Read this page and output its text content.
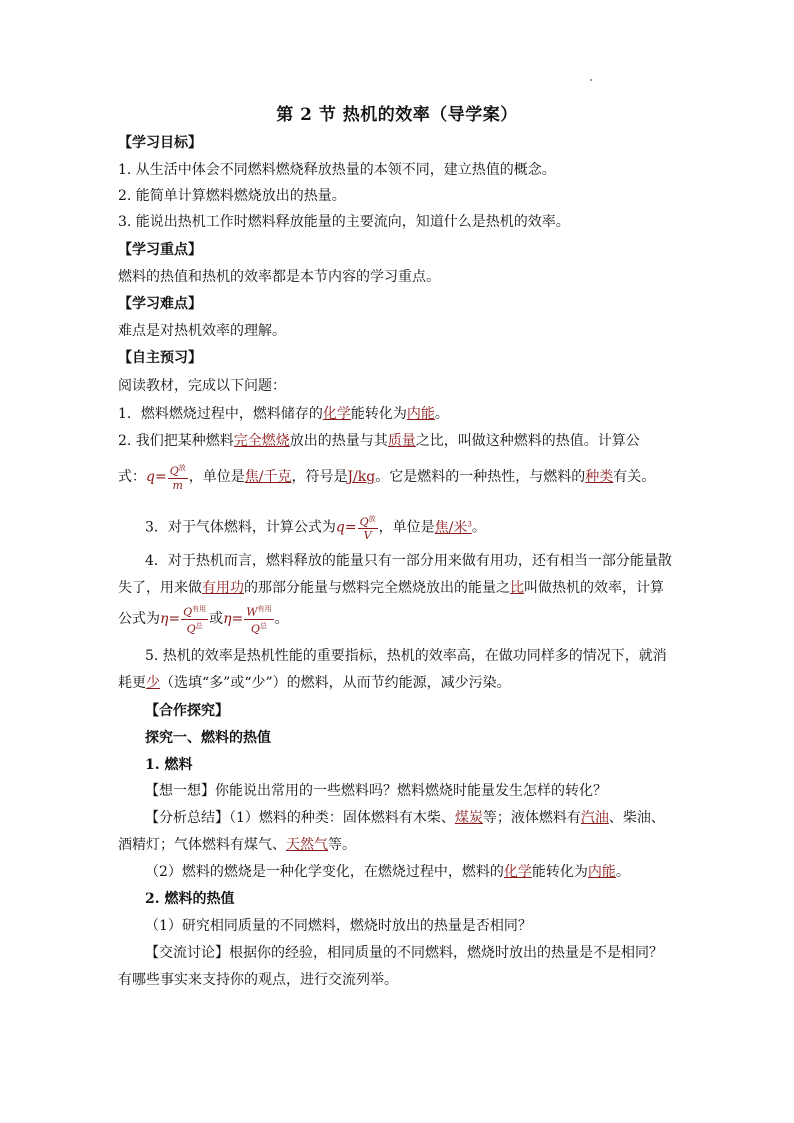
第 2 节 热机的效率（导学案）
【学习目标】
1. 从生活中体会不同燃料燃烧释放热量的本领不同，建立热值的概念。
2. 能简单计算燃料燃烧放出的热量。
3. 能说出热机工作时燃料释放能量的主要流向，知道什么是热机的效率。
【学习重点】
燃料的热值和热机的效率都是本节内容的学习重点。
【学习难点】
难点是对热机效率的理解。
【自主预习】
阅读教材，完成以下问题：
1．燃料燃烧过程中，燃料储存的化学能转化为内能。
2. 我们把某种燃料完全燃烧放出的热量与其质量之比，叫做这种燃料的热值。计算公
式：$q= \frac{Q^放}{m}$ ，单位是焦/千克，符号是J/kg。它是燃料的一种热性，与燃料的种类有关。
3．对于气体燃料，计算公式为$q= \frac{Q^放}{V}$ ，单位是焦/米$^3$。
4．对于热机而言，燃料释放的能量只有一部分用来做有用功，还有相当一部分能量散
失了，用来做有用功的那部分能量与燃料完全燃烧放出的能量之比叫做热机的效率，计算
公式为$\eta= \frac{Q^{有用}}{Q^总}$ 或$\eta= \frac{W^{有用}}{Q^总}$ 。
5. 热机的效率是热机性能的重要指标，热机的效率高，在做功同样多的情况下，就消
耗更少（选填“多”或“少”）的燃料，从而节约能源，减少污染。
【合作探究】
探究一、燃料的热值
1. 燃料
【想一想】你能说出常用的一些燃料吗？燃料燃烧时能量发生怎样的转化？
【分析总结】（1）燃料的种类：固体燃料有木柴、煤炭等；液体燃料有汽油、柴油、
酒精灯；气体燃料有煤气、天然气等。
（2）燃料的燃烧是一种化学变化，在燃烧过程中，燃料的化学能转化为内能。
2. 燃料的热值
（1）研究相同质量的不同燃料，燃烧时放出的热量是否相同？
【交流讨论】根据你的经验，相同质量的不同燃料，燃烧时放出的热量是不是相同？
有哪些事实来支持你的观点，进行交流列举。
